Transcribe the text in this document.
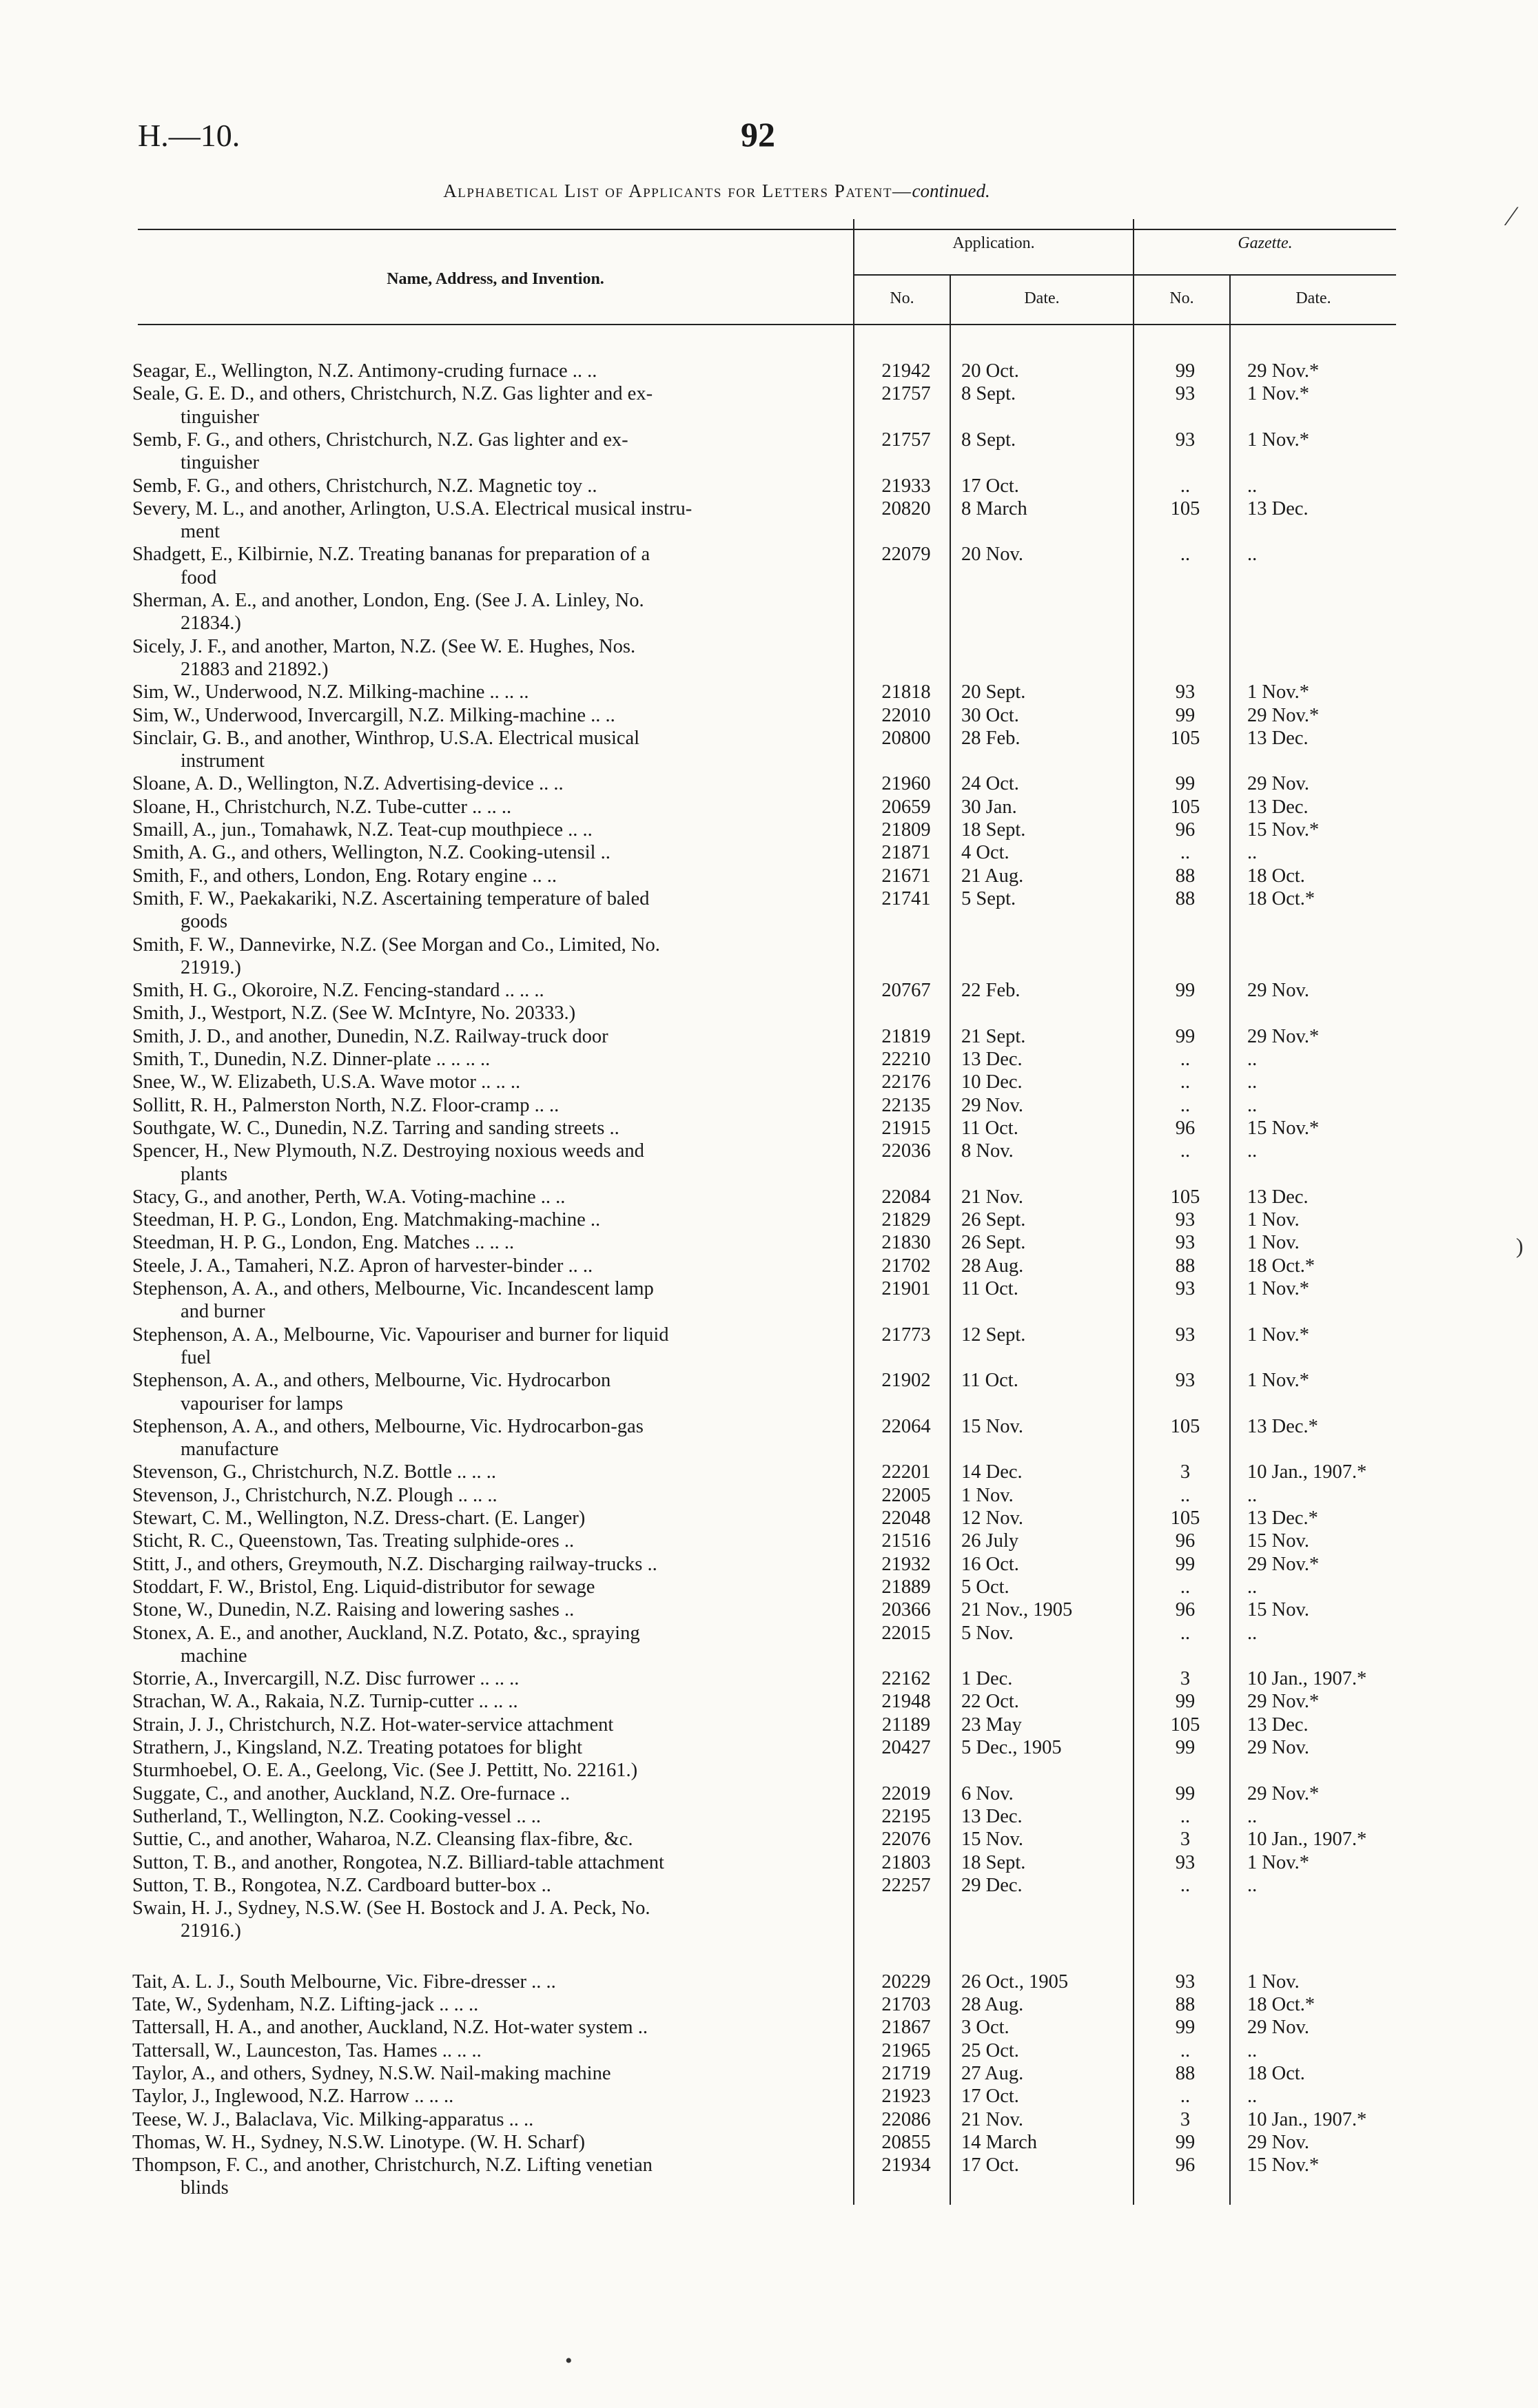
H.—10.	92
Alphabetical List of Applicants for Letters Patent—continued.
Name, Address, and Invention.
Application.	Gazette.
No.	Date.	No.	Date.
Seagar, E., Wellington, N.Z. Antimony-cruding furnace .. ..	21942	20 Oct.	99	29 Nov.*
Seale, G. E. D., and others, Christchurch, N.Z. Gas lighter and ex-	21757	8 Sept.	93	1 Nov.*
tinguisher
Semb, F. G., and others, Christchurch, N.Z. Gas lighter and ex-	21757	8 Sept.	93	1 Nov.*
tinguisher
Semb, F. G., and others, Christchurch, N.Z. Magnetic toy ..	21933	17 Oct.	..	..
Severy, M. L., and another, Arlington, U.S.A. Electrical musical instru-	20820	8 March	105	13 Dec.
ment
Shadgett, E., Kilbirnie, N.Z. Treating bananas for preparation of a	22079	20 Nov.	..	..
food
Sherman, A. E., and another, London, Eng. (See J. A. Linley, No.
21834.)
Sicely, J. F., and another, Marton, N.Z. (See W. E. Hughes, Nos.
21883 and 21892.)
Sim, W., Underwood, N.Z. Milking-machine .. .. ..	21818	20 Sept.	93	1 Nov.*
Sim, W., Underwood, Invercargill, N.Z. Milking-machine .. ..	22010	30 Oct.	99	29 Nov.*
Sinclair, G. B., and another, Winthrop, U.S.A. Electrical musical	20800	28 Feb.	105	13 Dec.
instrument
Sloane, A. D., Wellington, N.Z. Advertising-device .. ..	21960	24 Oct.	99	29 Nov.
Sloane, H., Christchurch, N.Z. Tube-cutter .. .. ..	20659	30 Jan.	105	13 Dec.
Smaill, A., jun., Tomahawk, N.Z. Teat-cup mouthpiece .. ..	21809	18 Sept.	96	15 Nov.*
Smith, A. G., and others, Wellington, N.Z. Cooking-utensil ..	21871	4 Oct.	..	..
Smith, F., and others, London, Eng. Rotary engine .. ..	21671	21 Aug.	88	18 Oct.
Smith, F. W., Paekakariki, N.Z. Ascertaining temperature of baled	21741	5 Sept.	88	18 Oct.*
goods
Smith, F. W., Dannevirke, N.Z. (See Morgan and Co., Limited, No.
21919.)
Smith, H. G., Okoroire, N.Z. Fencing-standard .. .. ..	20767	22 Feb.	99	29 Nov.
Smith, J., Westport, N.Z. (See W. McIntyre, No. 20333.)
Smith, J. D., and another, Dunedin, N.Z. Railway-truck door	21819	21 Sept.	99	29 Nov.*
Smith, T., Dunedin, N.Z. Dinner-plate .. .. .. ..	22210	13 Dec.	..	..
Snee, W., W. Elizabeth, U.S.A. Wave motor .. .. ..	22176	10 Dec.	..	..
Sollitt, R. H., Palmerston North, N.Z. Floor-cramp .. ..	22135	29 Nov.	..	..
Southgate, W. C., Dunedin, N.Z. Tarring and sanding streets ..	21915	11 Oct.	96	15 Nov.*
Spencer, H., New Plymouth, N.Z. Destroying noxious weeds and	22036	8 Nov.	..	..
plants
Stacy, G., and another, Perth, W.A. Voting-machine .. ..	22084	21 Nov.	105	13 Dec.
Steedman, H. P. G., London, Eng. Matchmaking-machine ..	21829	26 Sept.	93	1 Nov.
Steedman, H. P. G., London, Eng. Matches .. .. ..	21830	26 Sept.	93	1 Nov.
Steele, J. A., Tamaheri, N.Z. Apron of harvester-binder .. ..	21702	28 Aug.	88	18 Oct.*
Stephenson, A. A., and others, Melbourne, Vic. Incandescent lamp	21901	11 Oct.	93	1 Nov.*
and burner
Stephenson, A. A., Melbourne, Vic. Vapouriser and burner for liquid	21773	12 Sept.	93	1 Nov.*
fuel
Stephenson, A. A., and others, Melbourne, Vic. Hydrocarbon	21902	11 Oct.	93	1 Nov.*
vapouriser for lamps
Stephenson, A. A., and others, Melbourne, Vic. Hydrocarbon-gas	22064	15 Nov.	105	13 Dec.*
manufacture
Stevenson, G., Christchurch, N.Z. Bottle .. .. ..	22201	14 Dec.	3	10 Jan., 1907.*
Stevenson, J., Christchurch, N.Z. Plough .. .. ..	22005	1 Nov.	..	..
Stewart, C. M., Wellington, N.Z. Dress-chart. (E. Langer)	22048	12 Nov.	105	13 Dec.*
Sticht, R. C., Queenstown, Tas. Treating sulphide-ores ..	21516	26 July	96	15 Nov.
Stitt, J., and others, Greymouth, N.Z. Discharging railway-trucks ..	21932	16 Oct.	99	29 Nov.*
Stoddart, F. W., Bristol, Eng. Liquid-distributor for sewage	21889	5 Oct.	..	..
Stone, W., Dunedin, N.Z. Raising and lowering sashes ..	20366	21 Nov., 1905	96	15 Nov.
Stonex, A. E., and another, Auckland, N.Z. Potato, &c., spraying	22015	5 Nov.	..	..
machine
Storrie, A., Invercargill, N.Z. Disc furrower .. .. ..	22162	1 Dec.	3	10 Jan., 1907.*
Strachan, W. A., Rakaia, N.Z. Turnip-cutter .. .. ..	21948	22 Oct.	99	29 Nov.*
Strain, J. J., Christchurch, N.Z. Hot-water-service attachment	21189	23 May	105	13 Dec.
Strathern, J., Kingsland, N.Z. Treating potatoes for blight	20427	5 Dec., 1905	99	29 Nov.
Sturmhoebel, O. E. A., Geelong, Vic. (See J. Pettitt, No. 22161.)
Suggate, C., and another, Auckland, N.Z. Ore-furnace ..	22019	6 Nov.	99	29 Nov.*
Sutherland, T., Wellington, N.Z. Cooking-vessel .. ..	22195	13 Dec.	..	..
Suttie, C., and another, Waharoa, N.Z. Cleansing flax-fibre, &c.	22076	15 Nov.	3	10 Jan., 1907.*
Sutton, T. B., and another, Rongotea, N.Z. Billiard-table attachment	21803	18 Sept.	93	1 Nov.*
Sutton, T. B., Rongotea, N.Z. Cardboard butter-box ..	22257	29 Dec.	..	..
Swain, H. J., Sydney, N.S.W. (See H. Bostock and J. A. Peck, No.
21916.)
Tait, A. L. J., South Melbourne, Vic. Fibre-dresser .. ..	20229	26 Oct., 1905	93	1 Nov.
Tate, W., Sydenham, N.Z. Lifting-jack .. .. ..	21703	28 Aug.	88	18 Oct.*
Tattersall, H. A., and another, Auckland, N.Z. Hot-water system ..	21867	3 Oct.	99	29 Nov.
Tattersall, W., Launceston, Tas. Hames .. .. ..	21965	25 Oct.	..	..
Taylor, A., and others, Sydney, N.S.W. Nail-making machine	21719	27 Aug.	88	18 Oct.
Taylor, J., Inglewood, N.Z. Harrow .. .. ..	21923	17 Oct.	..	..
Teese, W. J., Balaclava, Vic. Milking-apparatus .. ..	22086	21 Nov.	3	10 Jan., 1907.*
Thomas, W. H., Sydney, N.S.W. Linotype. (W. H. Scharf)	20855	14 March	99	29 Nov.
Thompson, F. C., and another, Christchurch, N.Z. Lifting venetian	21934	17 Oct.	96	15 Nov.*
blinds
⁄
)
•
